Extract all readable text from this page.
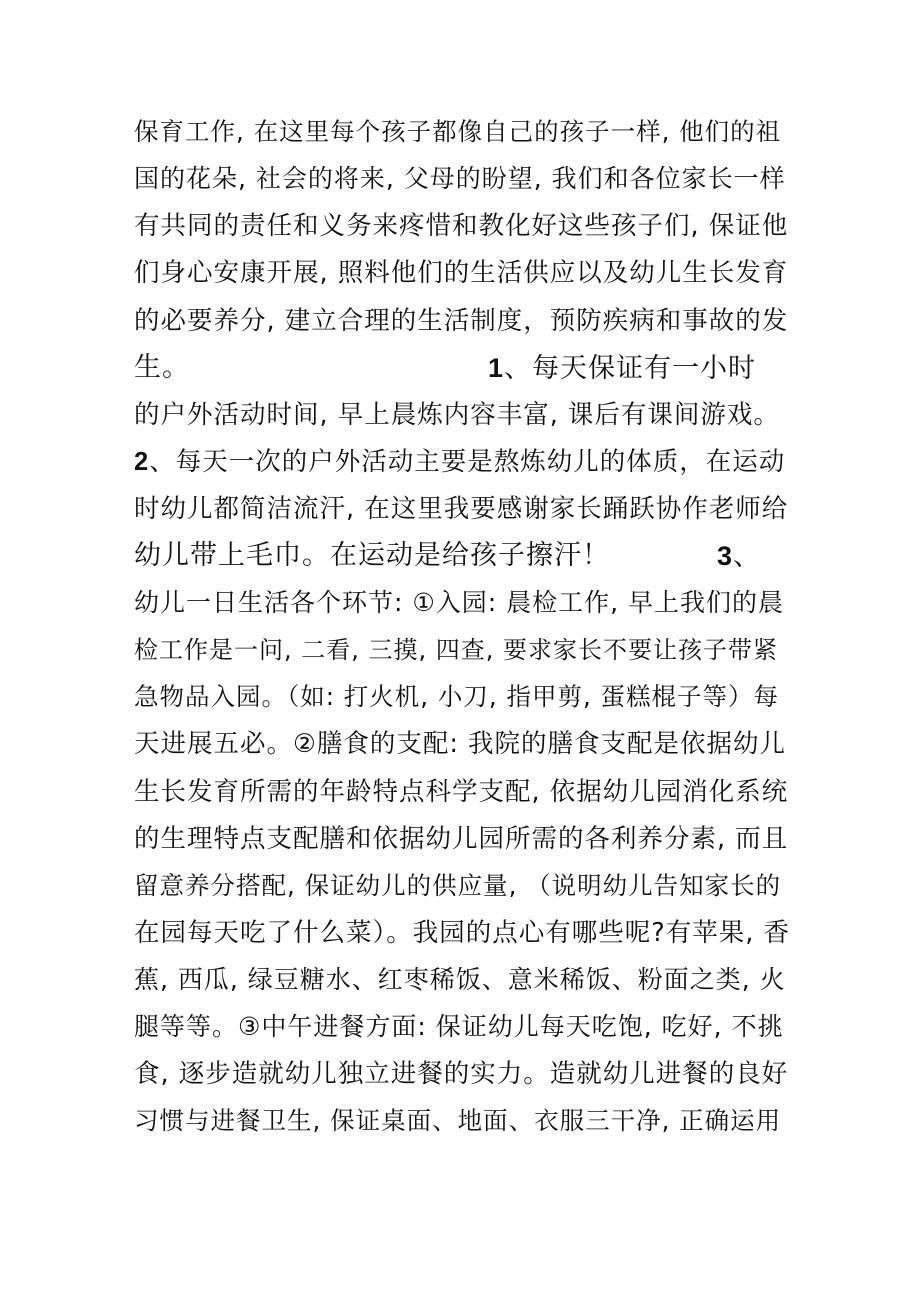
保育工作, 在这里每个孩子都像自己的孩子一样, 他们的祖
国的花朵, 社会的将来, 父母的盼望, 我们和各位家长一样
有共同的责任和义务来疼惜和教化好这些孩子们, 保证他
们身心安康开展, 照料他们的生活供应以及幼儿生长发育
的必要养分, 建立合理的生活制度，预防疾病和事故的发
生。	1、每天保证有一小时
的户外活动时间, 早上晨炼内容丰富, 课后有课间游戏。
2、每天一次的户外活动主要是熬炼幼儿的体质，在运动
时幼儿都简洁流汗, 在这里我要感谢家长踊跃协作老师给
幼儿带上毛巾。在运动是给孩子擦汗！	3、
幼儿一日生活各个环节: ①入园: 晨检工作, 早上我们的晨
检工作是一问, 二看, 三摸, 四查, 要求家长不要让孩子带紧
急物品入园。（如: 打火机, 小刀, 指甲剪, 蛋糕棍子等）每
天进展五必。②膳食的支配: 我院的膳食支配是依据幼儿
生长发育所需的年龄特点科学支配, 依据幼儿园消化系统
的生理特点支配膳和依据幼儿园所需的各利养分素, 而且
留意养分搭配, 保证幼儿的供应量, （说明幼儿告知家长的
在园每天吃了什么菜）。我园的点心有哪些呢?有苹果, 香
蕉, 西瓜, 绿豆糖水、红枣稀饭、意米稀饭、粉面之类, 火
腿等等。③中午进餐方面: 保证幼儿每天吃饱, 吃好, 不挑
食, 逐步造就幼儿独立进餐的实力。造就幼儿进餐的良好
习惯与进餐卫生, 保证桌面、地面、衣服三干净, 正确运用
